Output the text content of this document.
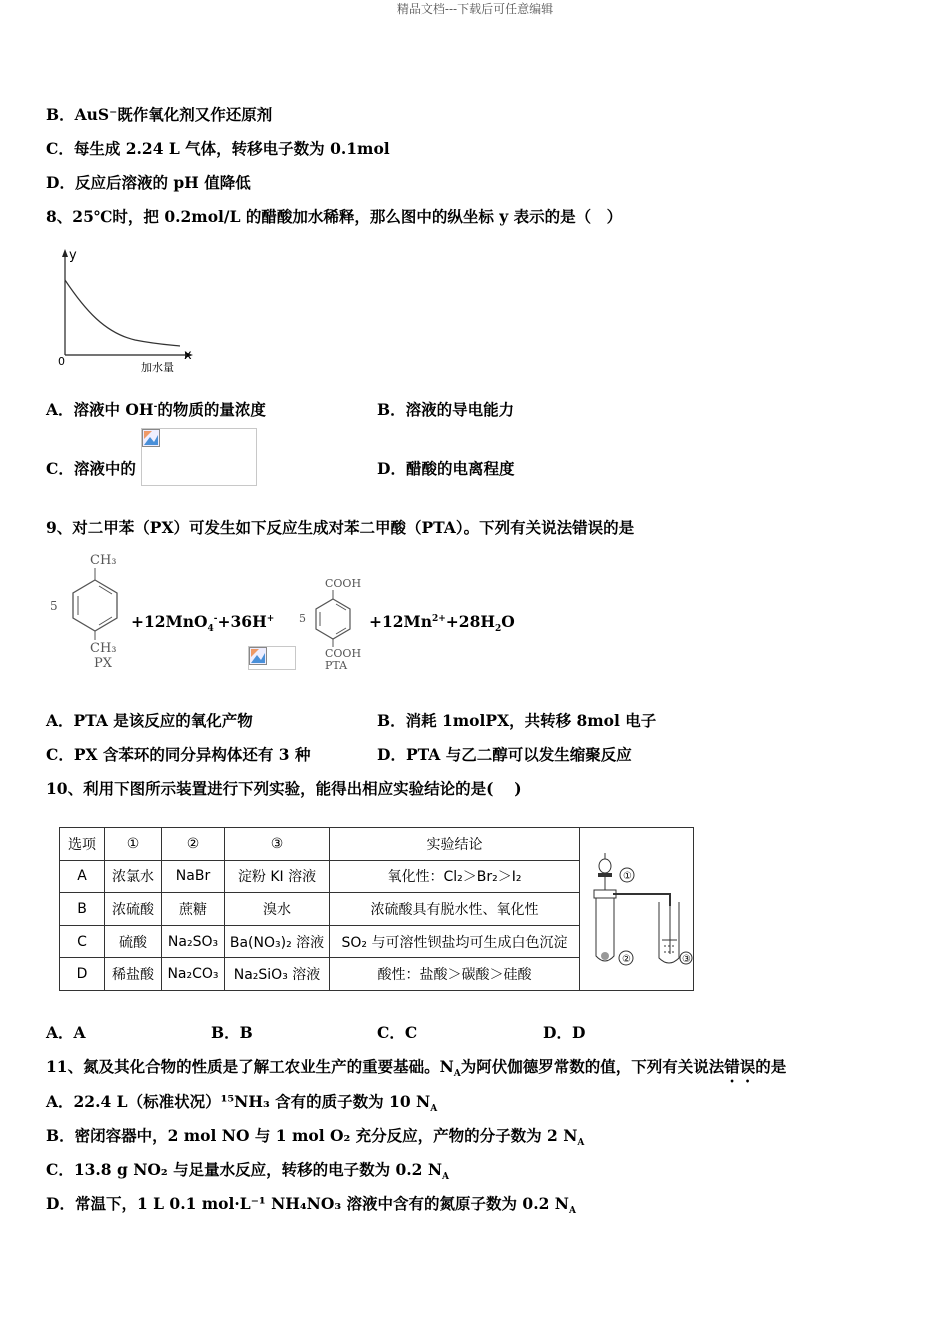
精品文档---下载后可任意编辑
B．AuS⁻既作氧化剂又作还原剂
C．每生成 2.24 L 气体，转移电子数为 0.1mol
D．反应后溶液的 pH 值降低
8、25℃时，把 0.2mol/L 的醋酸加水稀释，那么图中的纵坐标 y 表示的是（　）
y
x
0	加水量
A．溶液中 OH-的物质的量浓度	B．溶液的导电能力
C．溶液中的	D．醋酸的电离程度
9、对二甲苯（PX）可发生如下反应生成对苯二甲酸（PTA）。下列有关说法错误的是
CH₃
CH₃
5
PX
+12MnO$_4$-+36H+
COOH
COOH
5
PTA
$+12Mn^{2+}+28H_2O$
A．PTA 是该反应的氧化产物	B．消耗 1molPX，共转移 8mol 电子
C．PX 含苯环的同分异构体还有 3 种	D．PTA 与乙二醇可以发生缩聚反应
10、利用下图所示装置进行下列实验，能得出相应实验结论的是(　 )
选项	①	②	③	实验结论	①
② ③

A	浓氯水	NaBr	淀粉 KI 溶液	氧化性：Cl₂＞Br₂＞I₂	
B	浓硫酸	蔗糖	溴水	浓硫酸具有脱水性、氧化性	
C	硫酸	Na₂SO₃	Ba(NO₃)₂ 溶液	SO₂ 与可溶性钡盐均可生成白色沉淀	
D	稀盐酸	Na₂CO₃	Na₂SiO₃ 溶液	酸性：盐酸＞碳酸＞硅酸	
A．A	B．B	C．C	D．D
11、氮及其化合物的性质是了解工农业生产的重要基础。$N_A$为阿伏伽德罗常数的值，下列有关说法错误的是
A．22.4 L（标准状况）¹⁵NH₃ 含有的质子数为 10 $N_A$
B．密闭容器中，2 mol NO 与 1 mol O₂ 充分反应，产物的分子数为 2 $N_A$
C．13.8 g NO₂ 与足量水反应，转移的电子数为 0.2 $N_A$
D．常温下，1 L 0.1 mol·L⁻¹ NH₄NO₃ 溶液中含有的氮原子数为 0.2 $N_A$
